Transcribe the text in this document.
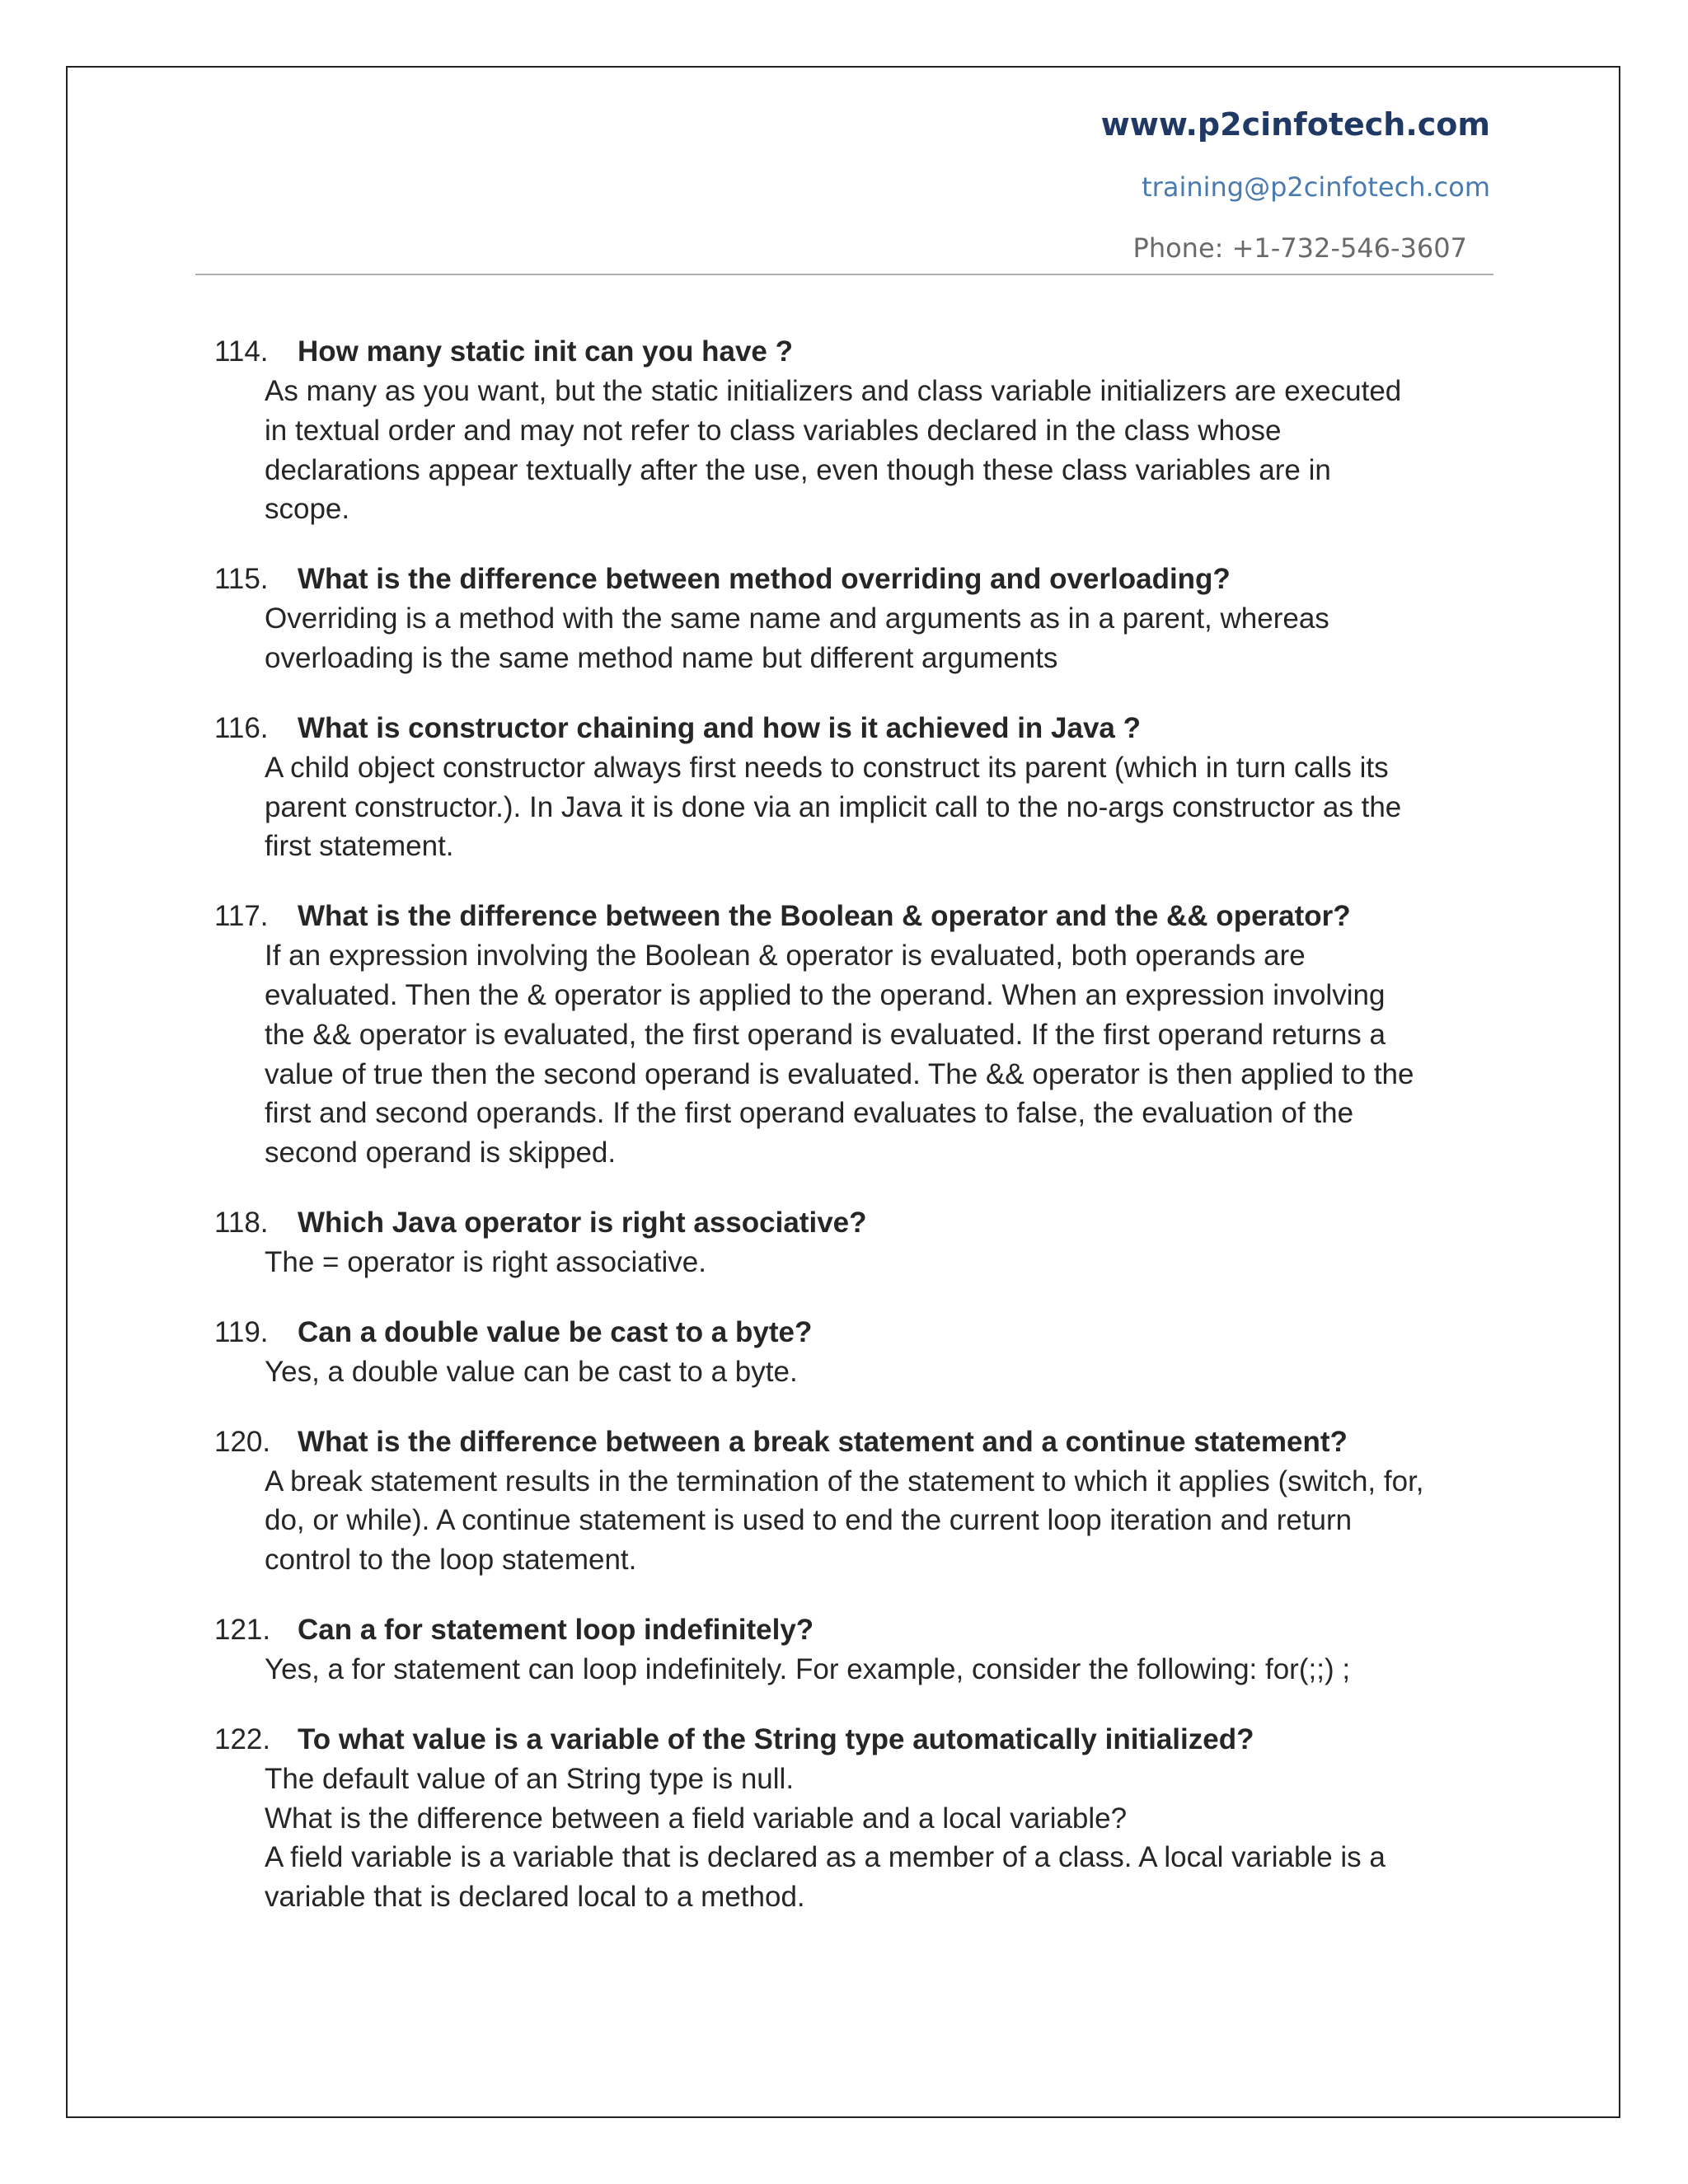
www.p2cinfotech.com
training@p2cinfotech.com
Phone: +1-732-546-3607
114. How many static init can you have ?
As many as you want, but the static initializers and class variable initializers are executed
in textual order and may not refer to class variables declared in the class whose
declarations appear textually after the use, even though these class variables are in
scope.
115. What is the difference between method overriding and overloading?
Overriding is a method with the same name and arguments as in a parent, whereas
overloading is the same method name but different arguments
116. What is constructor chaining and how is it achieved in Java ?
A child object constructor always first needs to construct its parent (which in turn calls its
parent constructor.). In Java it is done via an implicit call to the no-args constructor as the
first statement.
117. What is the difference between the Boolean & operator and the && operator?
If an expression involving the Boolean & operator is evaluated, both operands are
evaluated. Then the & operator is applied to the operand. When an expression involving
the && operator is evaluated, the first operand is evaluated. If the first operand returns a
value of true then the second operand is evaluated. The && operator is then applied to the
first and second operands. If the first operand evaluates to false, the evaluation of the
second operand is skipped.
118. Which Java operator is right associative?
The = operator is right associative.
119. Can a double value be cast to a byte?
Yes, a double value can be cast to a byte.
120. What is the difference between a break statement and a continue statement?
A break statement results in the termination of the statement to which it applies (switch, for,
do, or while). A continue statement is used to end the current loop iteration and return
control to the loop statement.
121. Can a for statement loop indefinitely?
Yes, a for statement can loop indefinitely. For example, consider the following: for(;;) ;
122. To what value is a variable of the String type automatically initialized?
The default value of an String type is null.
What is the difference between a field variable and a local variable?
A field variable is a variable that is declared as a member of a class. A local variable is a
variable that is declared local to a method.
